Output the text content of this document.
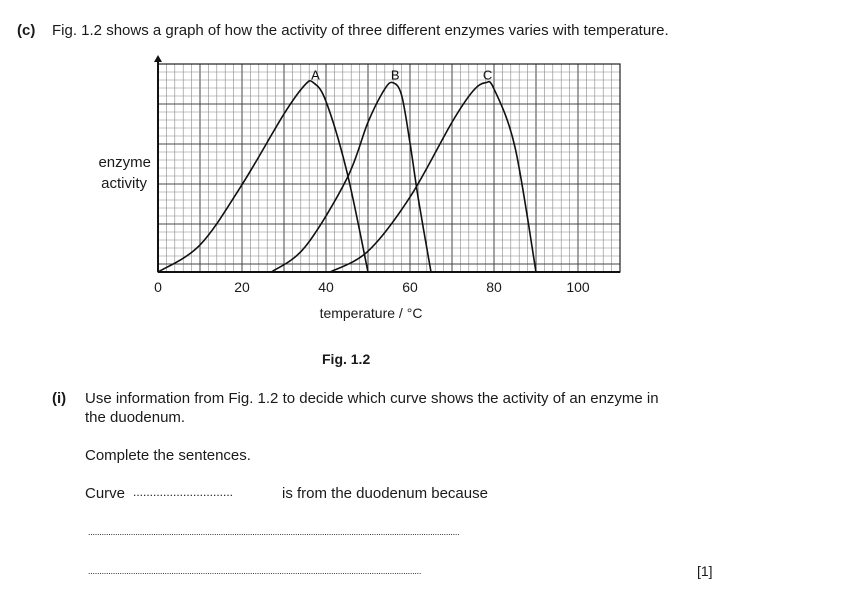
(c) Fig. 1.2 shows a graph of how the activity of three different enzymes varies with temperature.
0	20	40	60	80	100
temperature / °C
enzyme
activity
A	B	C
Fig. 1.2
(i) Use information from Fig. 1.2 to decide which curve shows the activity of an enzyme in
the duodenum.
Complete the sentences.
Curve ..............................	is from the duodenum because
.....................................................................................................................................................................
....................................................................................................................................................	[1]
